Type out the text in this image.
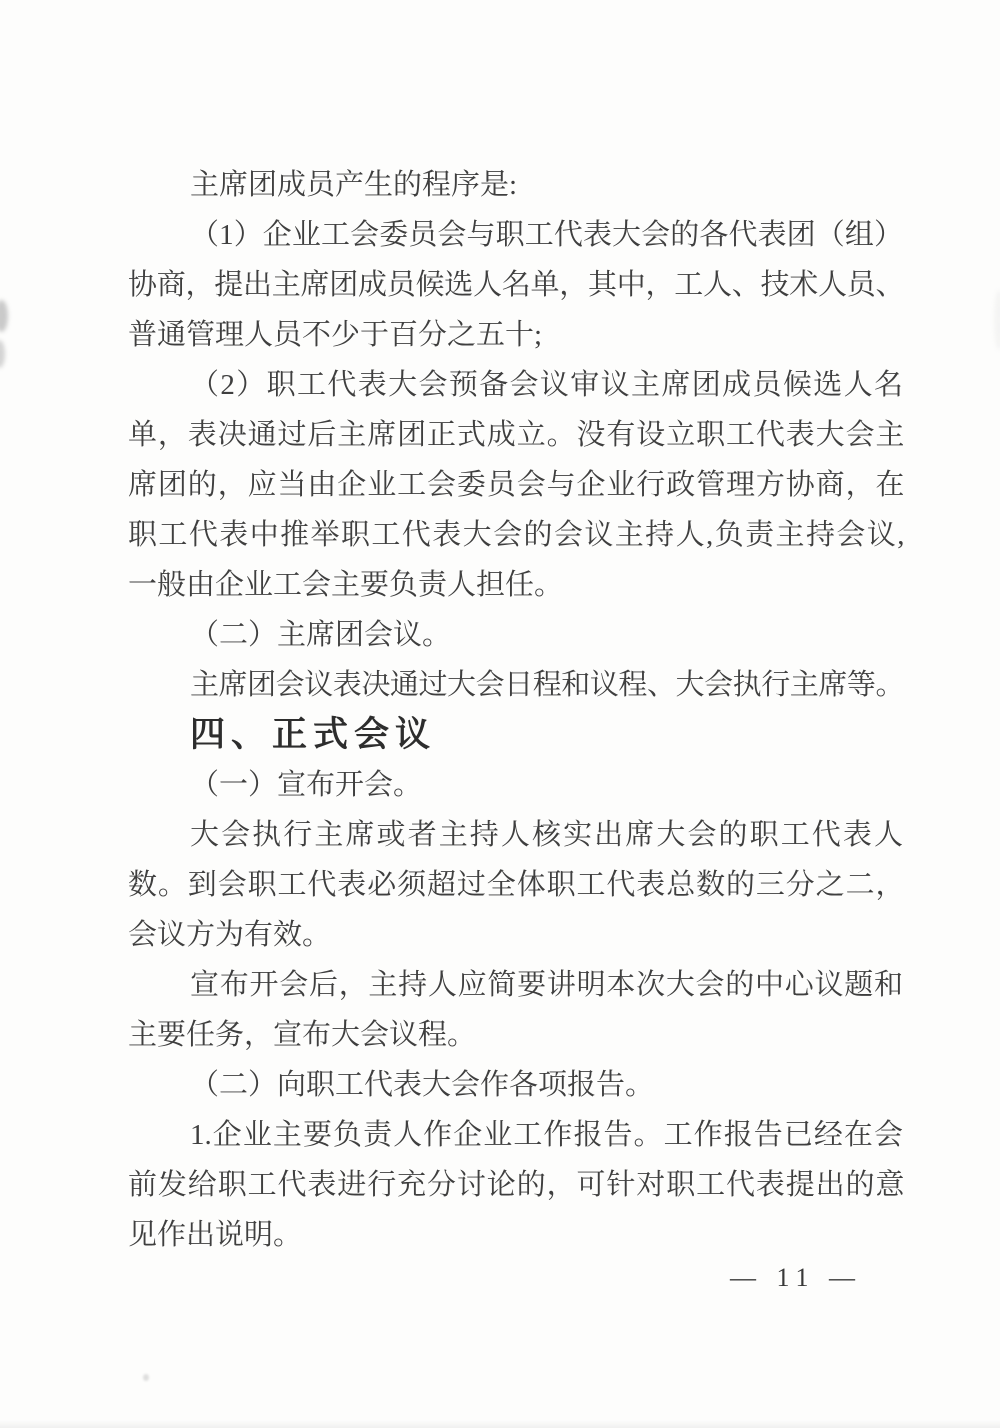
主席团成员产生的程序是:
（1）企业工会委员会与职工代表大会的各代表团（组）
协商，提出主席团成员候选人名单，其中，工人、技术人员、
普通管理人员不少于百分之五十;
（2）职工代表大会预备会议审议主席团成员候选人名
单，表决通过后主席团正式成立。没有设立职工代表大会主
席团的，应当由企业工会委员会与企业行政管理方协商，在
职工代表中推举职工代表大会的会议主持人,负责主持会议,
一般由企业工会主要负责人担任。
（二）主席团会议。
主席团会议表决通过大会日程和议程、大会执行主席等。
四、正式会议
（一）宣布开会。
大会执行主席或者主持人核实出席大会的职工代表人
数。到会职工代表必须超过全体职工代表总数的三分之二，
会议方为有效。
宣布开会后，主持人应简要讲明本次大会的中心议题和
主要任务，宣布大会议程。
（二）向职工代表大会作各项报告。
1.企业主要负责人作企业工作报告。工作报告已经在会
前发给职工代表进行充分讨论的，可针对职工代表提出的意
见作出说明。
— 11 —
